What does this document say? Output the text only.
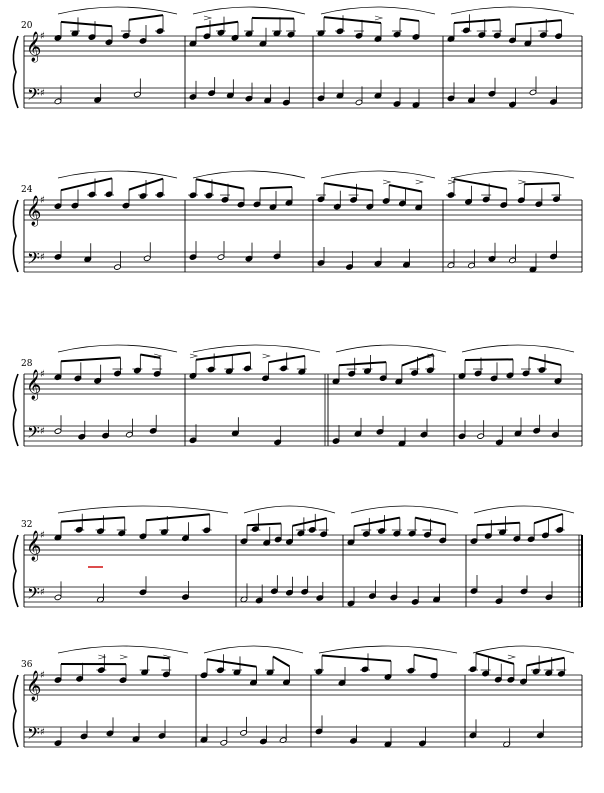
20
𝄞
𝄢
♯
♯
24
𝄞
𝄢
♯
♯
28
𝄞
𝄢
♯
♯
32
𝄞
𝄢
♯
♯
36
𝄞
𝄢
♯
♯
